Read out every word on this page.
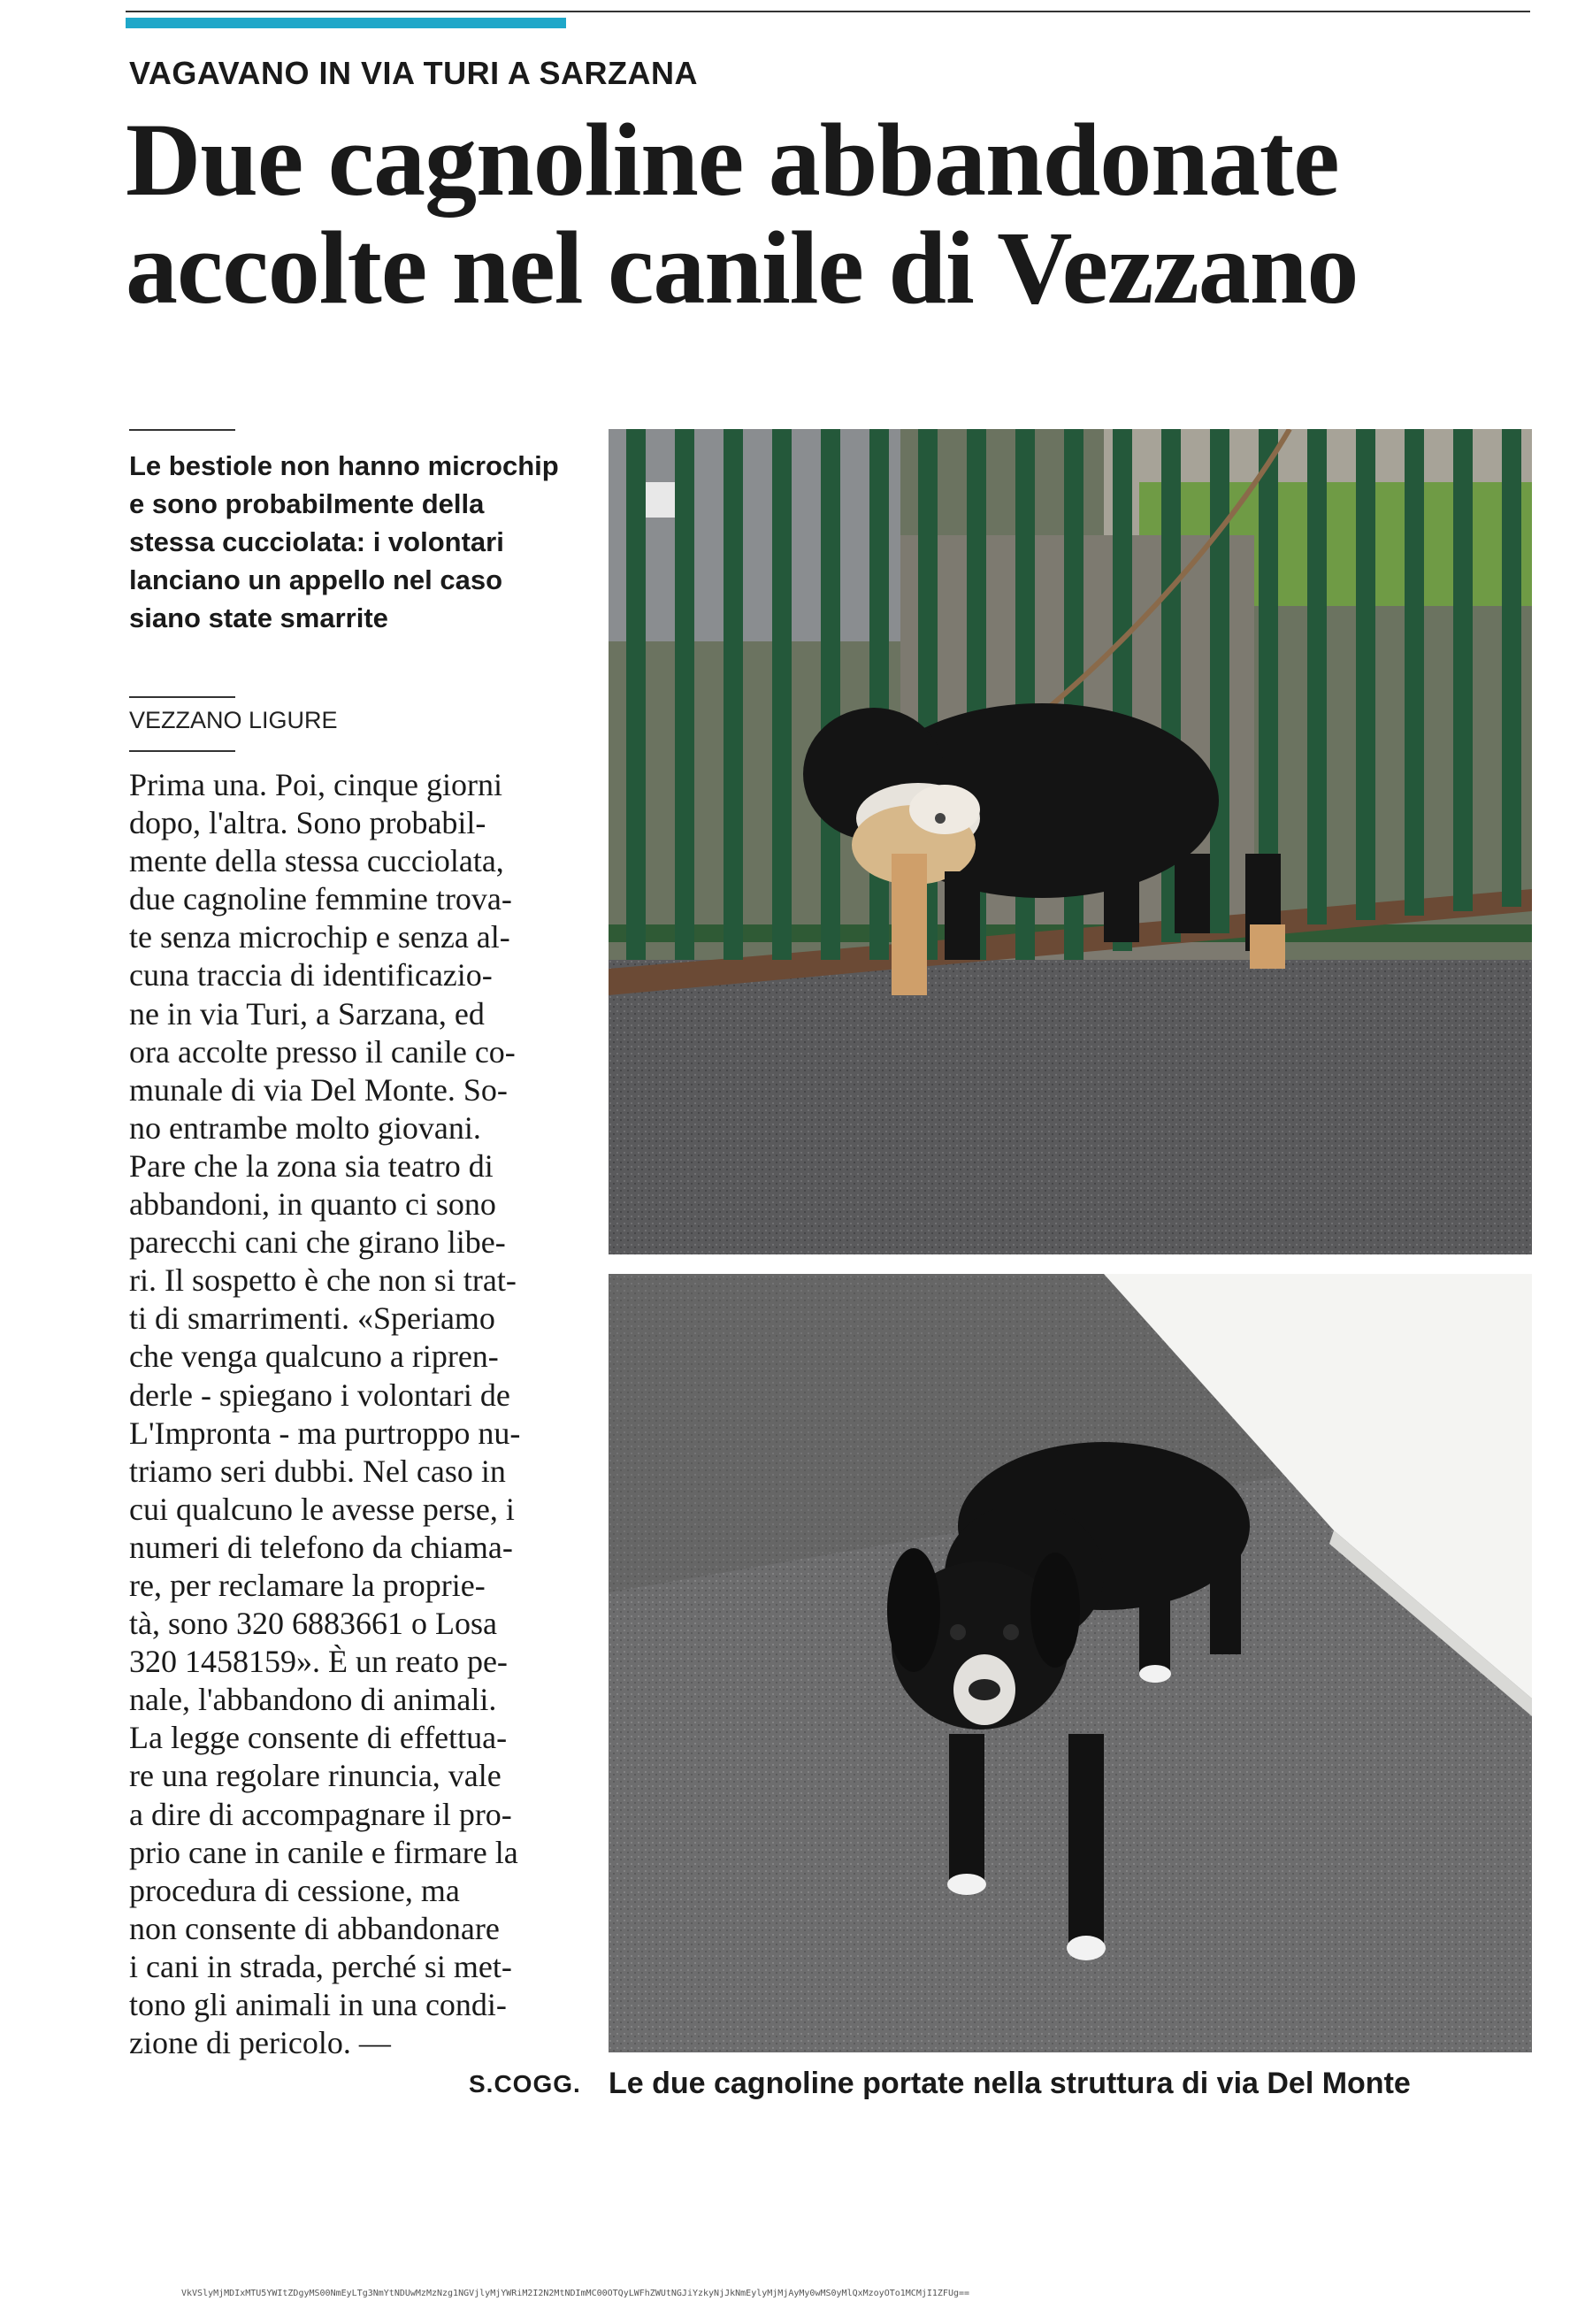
VAGAVANO IN VIA TURI A SARZANA
Due cagnoline abbandonate
accolte nel canile di Vezzano
Le bestiole non hanno microchip
e sono probabilmente della
stessa cucciolata: i volontari
lanciano un appello nel caso
siano state smarrite
VEZZANO LIGURE
Prima una. Poi, cinque giorni
dopo, l'altra. Sono probabil-
mente della stessa cucciolata,
due cagnoline femmine trova-
te senza microchip e senza al-
cuna traccia di identificazio-
ne in via Turi, a Sarzana, ed
ora accolte presso il canile co-
munale di via Del Monte. So-
no entrambe molto giovani.
Pare che la zona sia teatro di
abbandoni, in quanto ci sono
parecchi cani che girano libe-
ri. Il sospetto è che non si trat-
ti di smarrimenti. «Speriamo
che venga qualcuno a ripren-
derle - spiegano i volontari de
L'Impronta - ma purtroppo nu-
triamo seri dubbi. Nel caso in
cui qualcuno le avesse perse, i
numeri di telefono da chiama-
re, per reclamare la proprie-
tà, sono 320 6883661 o Losa
320 1458159». È un reato pe-
nale, l'abbandono di animali.
La legge consente di effettua-
re una regolare rinuncia, vale
a dire di accompagnare il pro-
prio cane in canile e firmare la
procedura di cessione, ma
non consente di abbandonare
i cani in strada, perché si met-
tono gli animali in una condi-
zione di pericolo. —
S.COGG. Le due cagnoline portate nella struttura di via Del Monte
VkVSlyMjMDIxMTU5YWItZDgyMS00NmEyLTg3NmYtNDUwMzMzNzg1NGVjlyMjYWRiM2I2N2MtNDImMC00OTQyLWFhZWUtNGJiYzkyNjJkNmEylyMjMjAyMy0wMS0yMlQxMzoyOTo1MCMjI1ZFUg==
